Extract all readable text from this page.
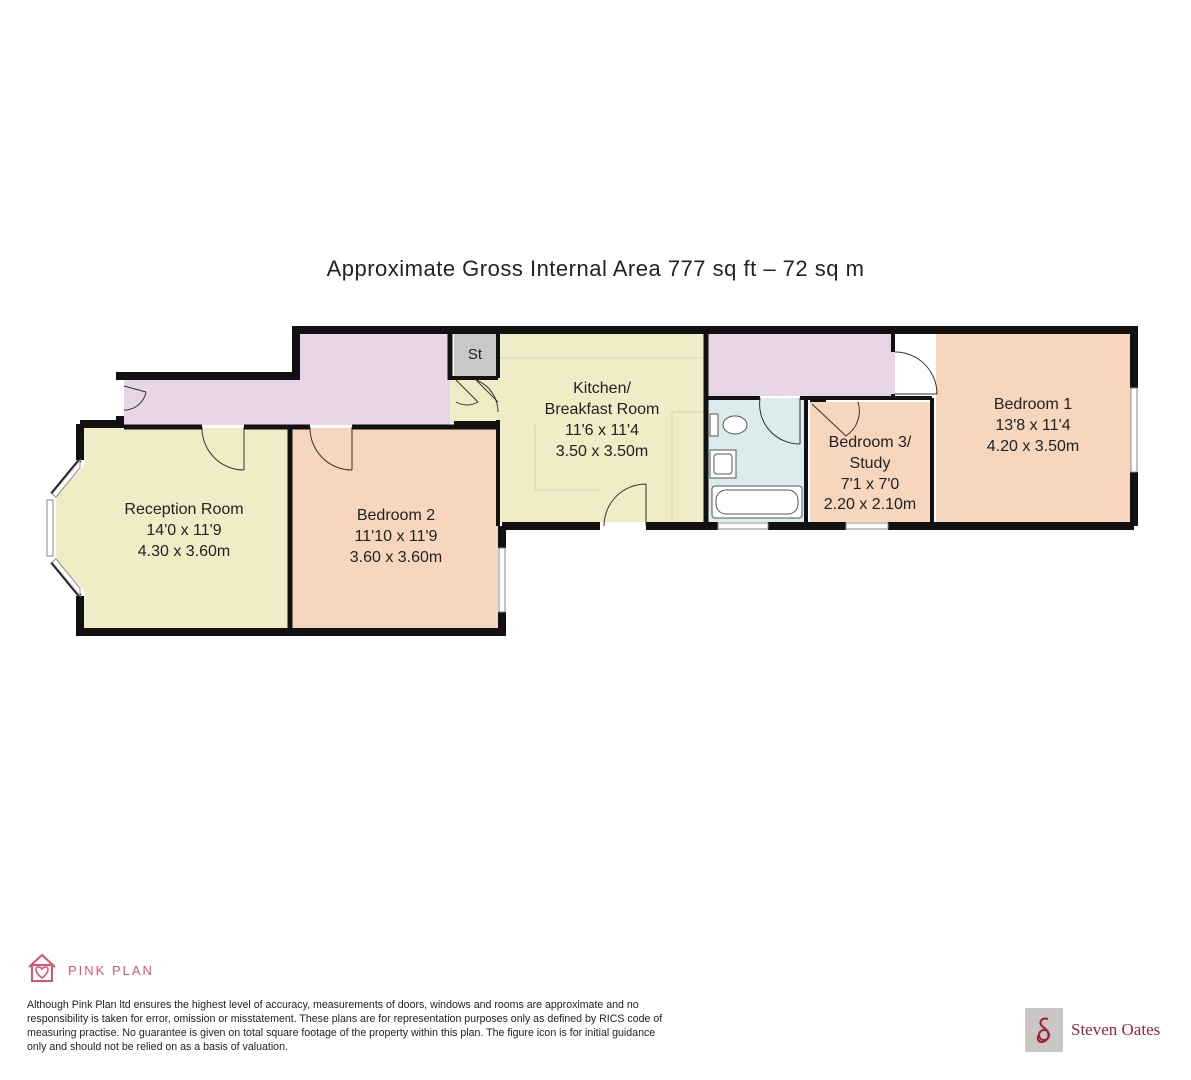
Approximate Gross Internal Area 777 sq ft – 72 sq m
St
Reception Room
14'0 x 11'9
4.30 x 3.60m
Bedroom 2
11'10 x 11'9
3.60 x 3.60m
Kitchen/
Breakfast Room
11'6 x 11'4
3.50 x 3.50m
Bedroom 3/
Study
7'1 x 7'0
2.20 x 2.10m
Bedroom 1
13'8 x 11'4
4.20 x 3.50m
PINK PLAN
Although Pink Plan ltd ensures the highest level of accuracy, measurements of doors, windows and rooms are approximate and no responsibility is taken for error, omission or misstatement. These plans are for representation purposes only as defined by RICS code of measuring practise. No guarantee is given on total square footage of the property within this plan. The figure icon is for initial guidance only and should not be relied on as a basis of valuation.
Steven Oates
